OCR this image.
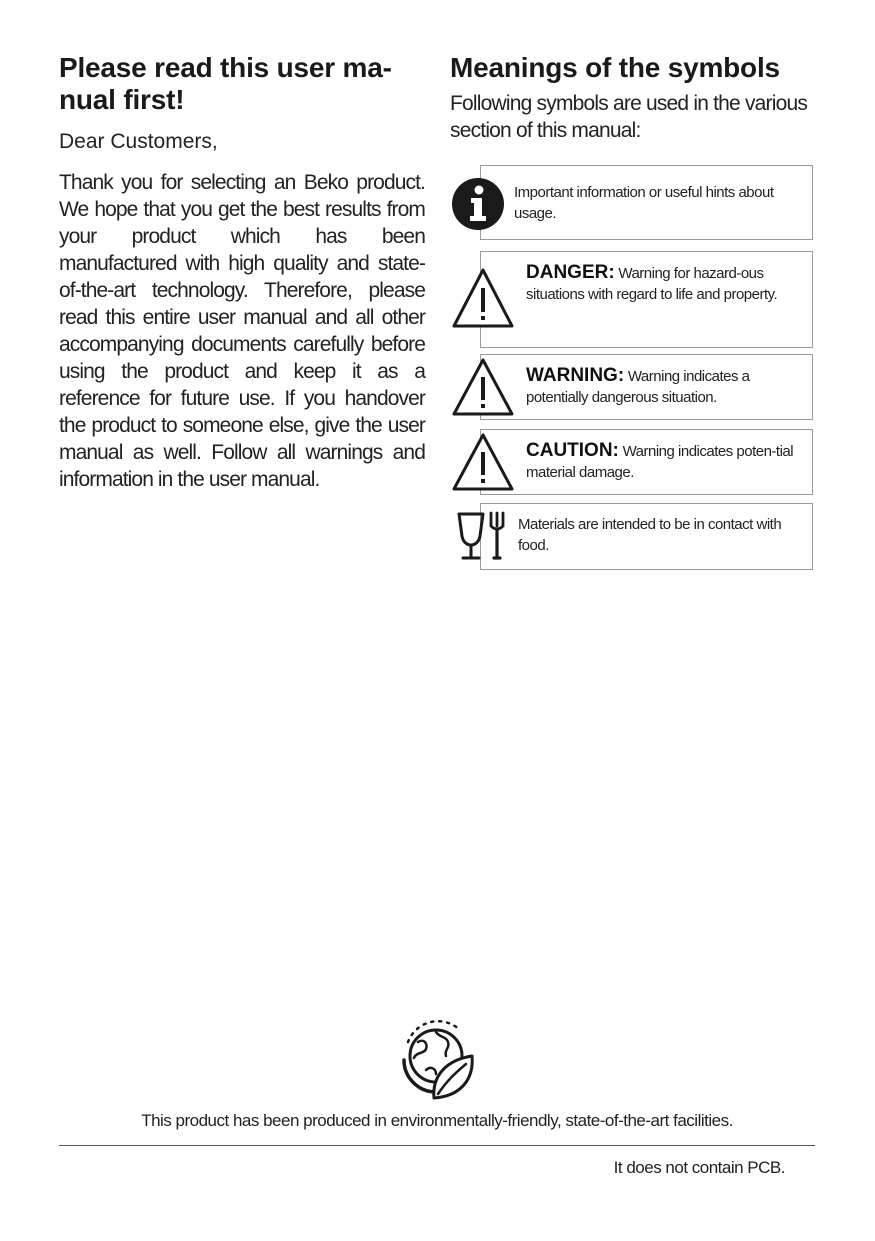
Please read this user ma-
nual first!

Dear Customers,

Thank you for selecting an Beko product. We hope that you get the best results from your product which has been manufactured with high quality and state-of-the-art technology. Therefore, please read this entire user manual and all other accompanying documents carefully before using the product and keep it as a reference for future use. If you handover the product to someone else, give the user manual as well. Follow all warnings and information in the user manual.

Meanings of the symbols

Following symbols are used in the various section of this manual:

Important information or useful hints about usage.
DANGER: Warning for hazard-ous situations with regard to life and property.
WARNING: Warning indicates a potentially dangerous situation.
CAUTION: Warning indicates poten-tial material damage.
Materials are intended to be in contact with food.
This product has been produced in environmentally-friendly, state-of-the-art facilities.
It does not contain PCB.
